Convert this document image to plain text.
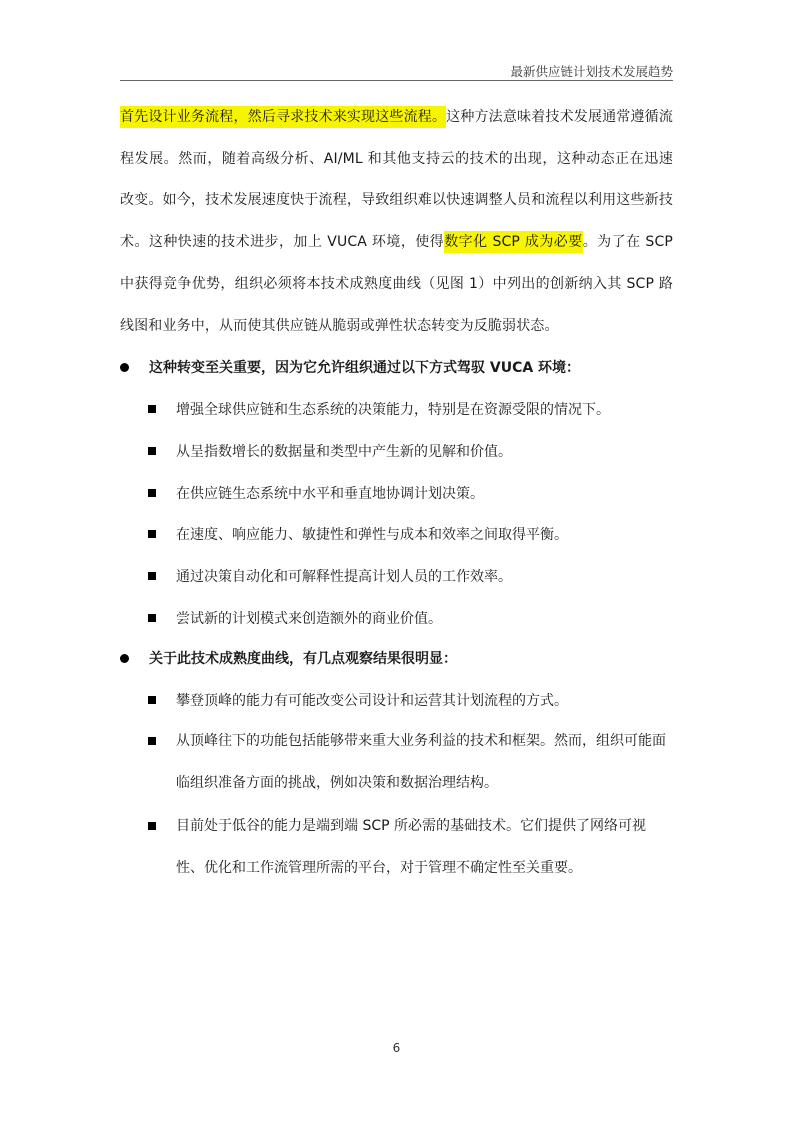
最新供应链计划技术发展趋势
首先设计业务流程，然后寻求技术来实现这些流程。这种方法意味着技术发展通常遵循流程发展。然而，随着高级分析、AI/ML 和其他支持云的技术的出现，这种动态正在迅速改变。如今，技术发展速度快于流程，导致组织难以快速调整人员和流程以利用这些新技术。这种快速的技术进步，加上 VUCA 环境，使得数字化 SCP 成为必要。为了在 SCP 中获得竞争优势，组织必须将本技术成熟度曲线（见图 1）中列出的创新纳入其 SCP 路线图和业务中，从而使其供应链从脆弱或弹性状态转变为反脆弱状态。
这种转变至关重要，因为它允许组织通过以下方式驾驭 VUCA 环境：
增强全球供应链和生态系统的决策能力，特别是在资源受限的情况下。
从呈指数增长的数据量和类型中产生新的见解和价值。
在供应链生态系统中水平和垂直地协调计划决策。
在速度、响应能力、敏捷性和弹性与成本和效率之间取得平衡。
通过决策自动化和可解释性提高计划人员的工作效率。
尝试新的计划模式来创造额外的商业价值。
关于此技术成熟度曲线，有几点观察结果很明显：
攀登顶峰的能力有可能改变公司设计和运营其计划流程的方式。
从顶峰往下的功能包括能够带来重大业务利益的技术和框架。然而，组织可能面临组织准备方面的挑战，例如决策和数据治理结构。
目前处于低谷的能力是端到端 SCP 所必需的基础技术。它们提供了网络可视性、优化和工作流管理所需的平台，对于管理不确定性至关重要。
6
